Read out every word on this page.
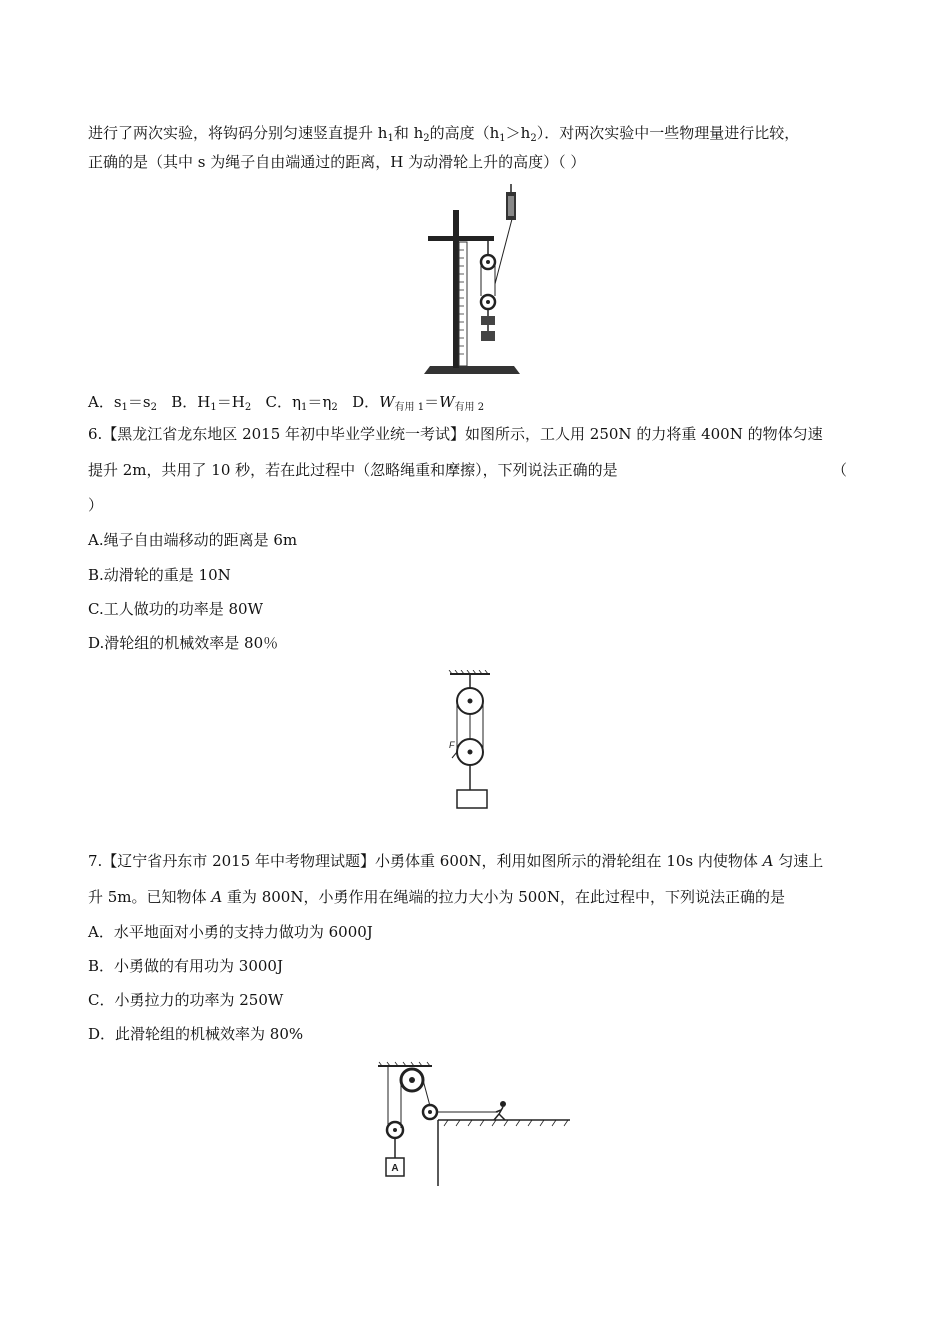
进行了两次实验，将钩码分别匀速竖直提升 $h_1$和 $h_2$的高度$(h_1>h_2)$．对两次实验中一些物理量进行比较，
正确的是（其中 s 为绳子自由端通过的距离，H 为动滑轮上升的高度）（ ）
A．$s_1=s_2$   B．$H_1=H_2$   C．$\eta_1=\eta_2$   D．$W_{有用 1}=W_{有用 2}$
6.【黑龙江省龙东地区 2015 年初中毕业学业统一考试】如图所示，工人用 250N 的力将重 400N 的物体匀速
提升 2m，共用了 10 秒，若在此过程中（忽略绳重和摩擦），下列说法正确的是	（
）
A.绳子自由端移动的距离是 6m
B.动滑轮的重是 10N
C.工人做功的功率是 80W
D.滑轮组的机械效率是 80％
F
7.【辽宁省丹东市 2015 年中考物理试题】小勇体重 600N，利用如图所示的滑轮组在 10s 内使物体 A 匀速上
升 5m。已知物体 A 重为 800N，小勇作用在绳端的拉力大小为 500N，在此过程中，下列说法正确的是
A．水平地面对小勇的支持力做功为 6000J
B．小勇做的有用功为 3000J
C．小勇拉力的功率为 250W
D．此滑轮组的机械效率为 80%
A
